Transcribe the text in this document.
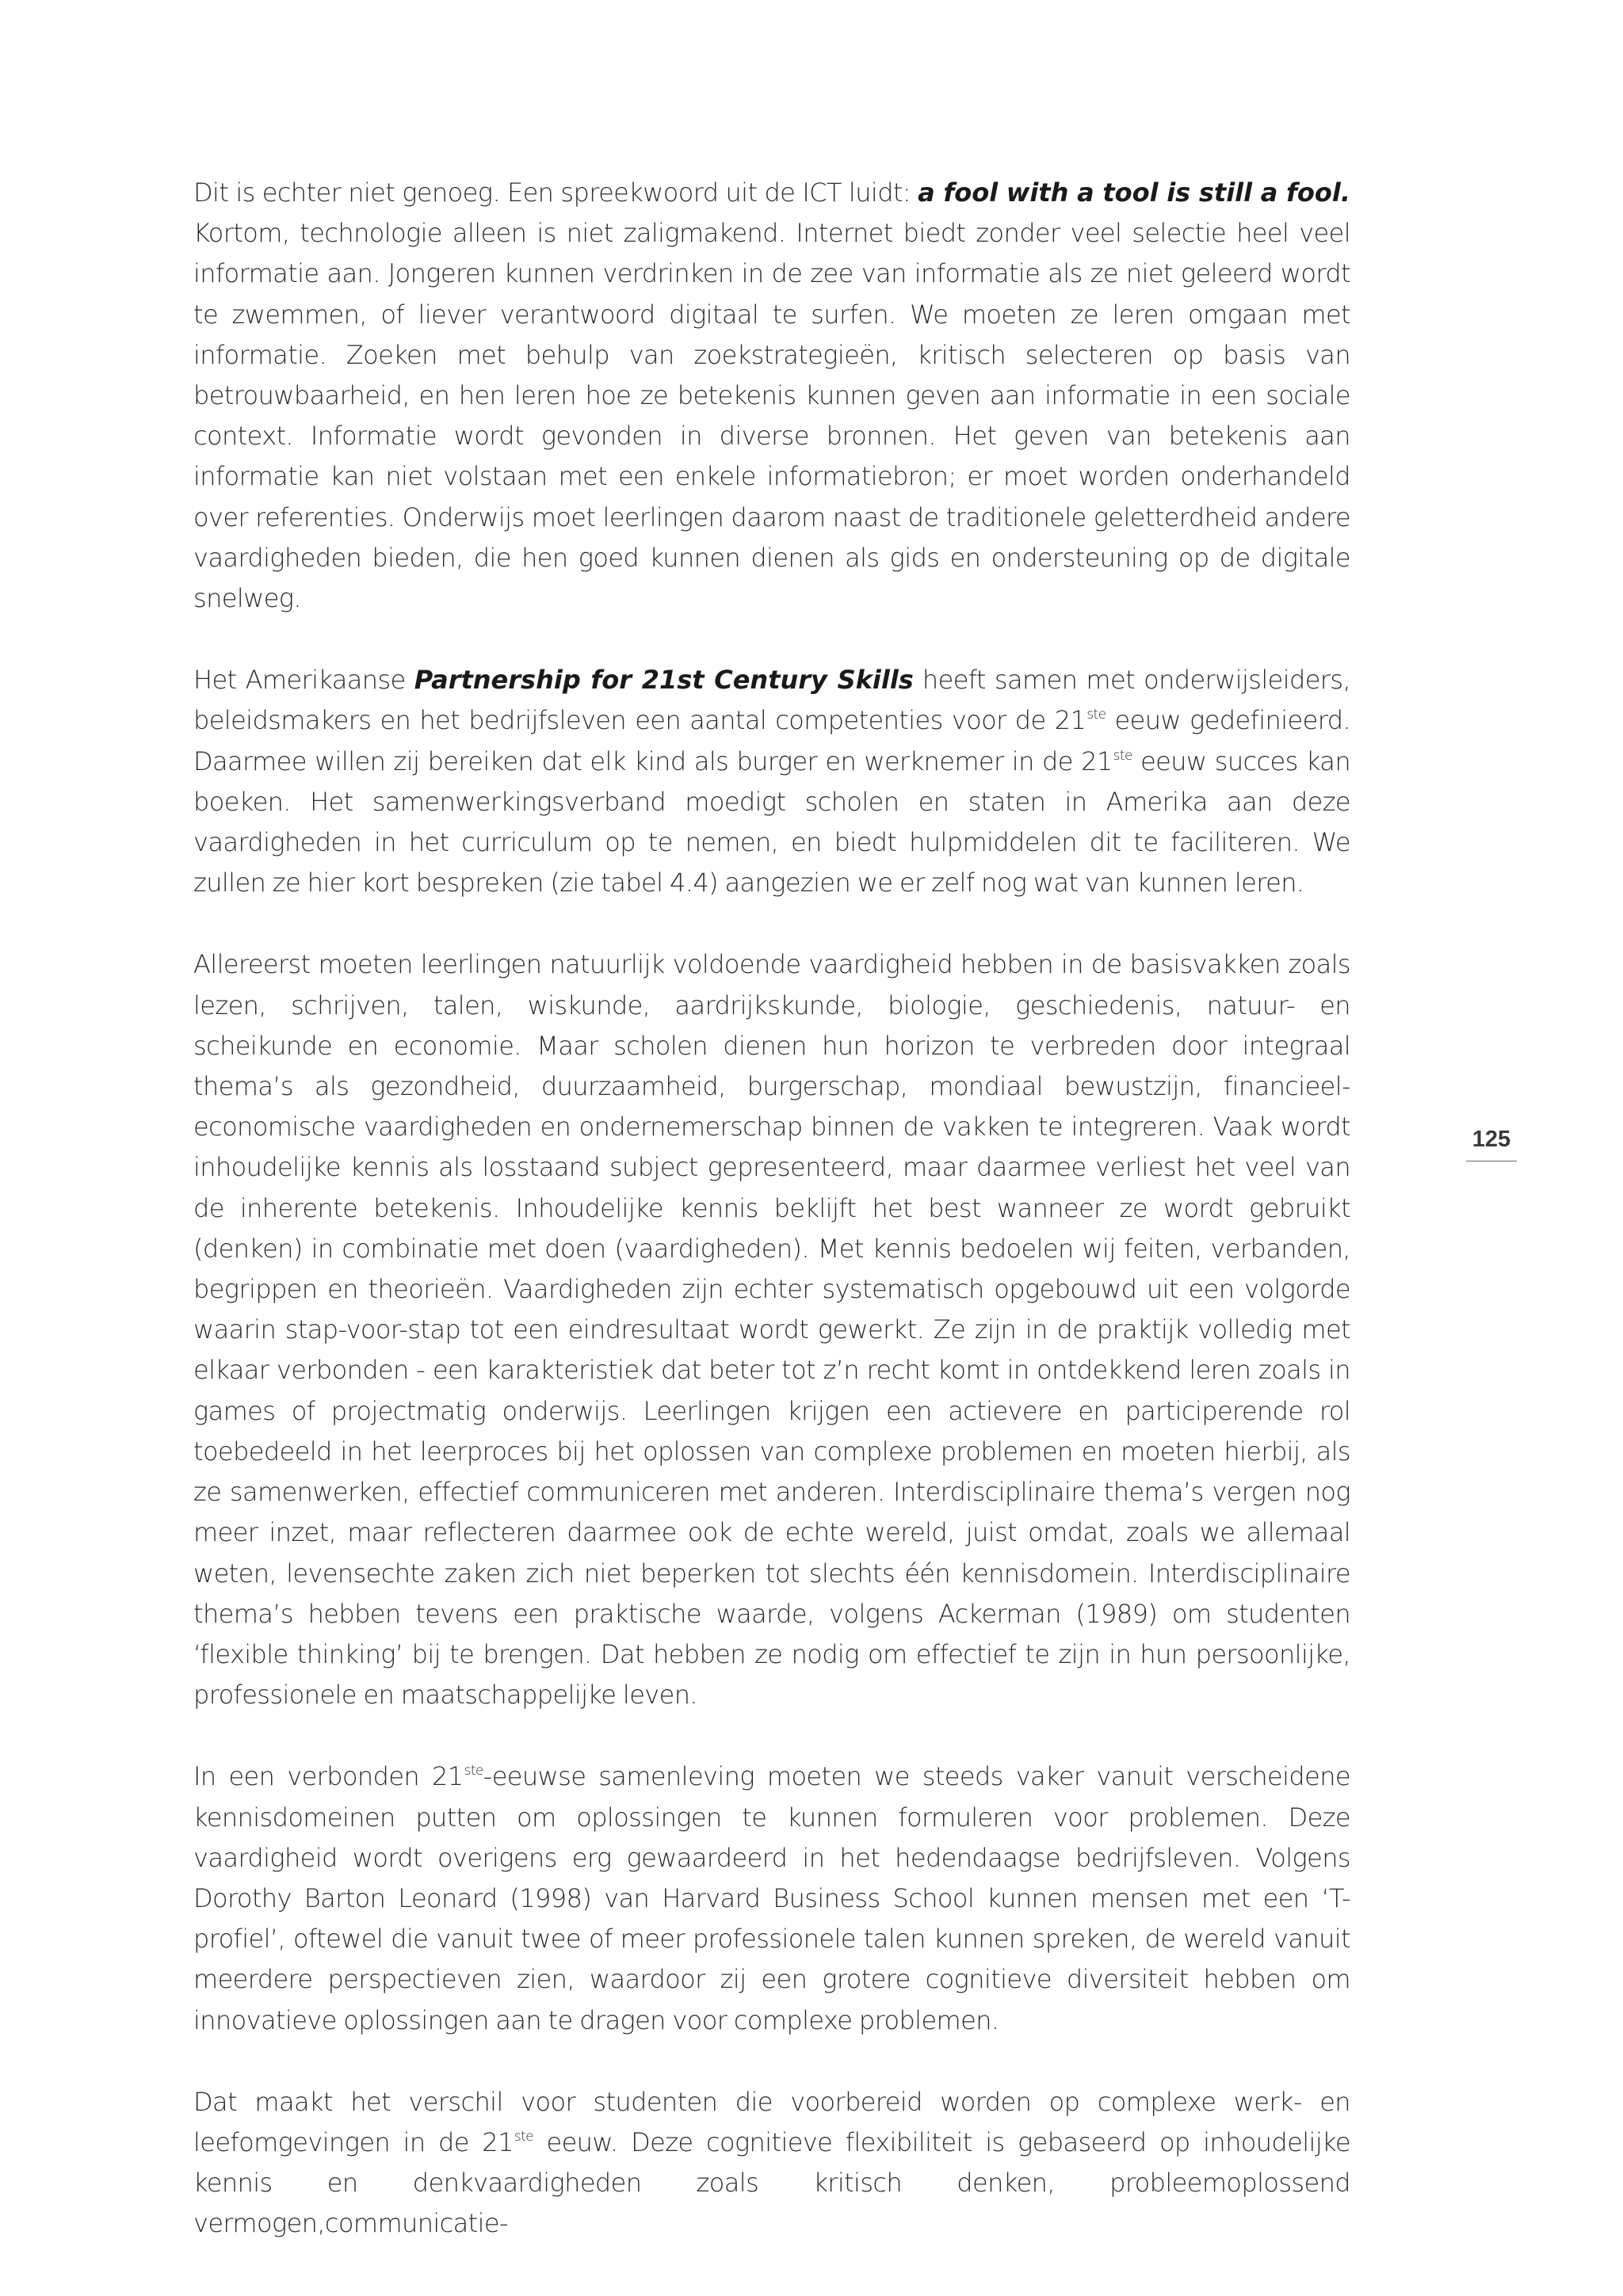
Dit is echter niet genoeg. Een spreekwoord uit de ICT luidt: a fool with a tool is still a fool. Kortom, technologie alleen is niet zaligmakend. Internet biedt zonder veel selectie heel veel informatie aan. Jongeren kunnen verdrinken in de zee van informatie als ze niet geleerd wordt te zwemmen, of liever verantwoord digitaal te surfen. We moeten ze leren omgaan met informatie. Zoeken met behulp van zoekstrategieën, kritisch selecteren op basis van betrouwbaarheid, en hen leren hoe ze betekenis kunnen geven aan informatie in een sociale context. Informatie wordt gevonden in diverse bronnen. Het geven van betekenis aan informatie kan niet volstaan met een enkele informatiebron; er moet worden onderhandeld over referenties. Onderwijs moet leerlingen daarom naast de traditionele geletterdheid andere vaardigheden bieden, die hen goed kunnen dienen als gids en ondersteuning op de digitale snelweg.

Het Amerikaanse Partnership for 21st Century Skills heeft samen met onderwijsleiders, beleidsmakers en het bedrijfsleven een aantal competenties voor de 21ste eeuw gedefinieerd. Daarmee willen zij bereiken dat elk kind als burger en werknemer in de 21ste eeuw succes kan boeken. Het samenwerkingsverband moedigt scholen en staten in Amerika aan deze vaardigheden in het curriculum op te nemen, en biedt hulpmiddelen dit te faciliteren. We zullen ze hier kort bespreken (zie tabel 4.4) aangezien we er zelf nog wat van kunnen leren.

Allereerst moeten leerlingen natuurlijk voldoende vaardigheid hebben in de basisvakken zoals lezen, schrijven, talen, wiskunde, aardrijkskunde, biologie, geschiedenis, natuur- en scheikunde en economie. Maar scholen dienen hun horizon te verbreden door integraal thema’s als gezondheid, duurzaamheid, burgerschap, mondiaal bewustzijn, financieel-economische vaardigheden en ondernemerschap binnen de vakken te integreren. Vaak wordt inhoudelijke kennis als losstaand subject gepresenteerd, maar daarmee verliest het veel van de inherente betekenis. Inhoudelijke kennis beklijft het best wanneer ze wordt gebruikt (denken) in combinatie met doen (vaardigheden). Met kennis bedoelen wij feiten, verbanden, begrippen en theorieën. Vaardigheden zijn echter systematisch opgebouwd uit een volgorde waarin stap-voor-stap tot een eindresultaat wordt gewerkt. Ze zijn in de praktijk volledig met elkaar verbonden - een karakteristiek dat beter tot z’n recht komt in ontdekkend leren zoals in games of projectmatig onderwijs. Leerlingen krijgen een actievere en participerende rol toebedeeld in het leerproces bij het oplossen van complexe problemen en moeten hierbij, als ze samenwerken, effectief communiceren met anderen. Interdisciplinaire thema’s vergen nog meer inzet, maar reflecteren daarmee ook de echte wereld, juist omdat, zoals we allemaal weten, levensechte zaken zich niet beperken tot slechts één kennisdomein. Interdisciplinaire thema’s hebben tevens een praktische waarde, volgens Ackerman (1989) om studenten ‘flexible thinking’ bij te brengen. Dat hebben ze nodig om effectief te zijn in hun persoonlijke, professionele en maatschappelijke leven.

In een verbonden 21ste-eeuwse samenleving moeten we steeds vaker vanuit verscheidene kennisdomeinen putten om oplossingen te kunnen formuleren voor problemen. Deze vaardigheid wordt overigens erg gewaardeerd in het hedendaagse bedrijfsleven. Volgens Dorothy Barton Leonard (1998) van Harvard Business School kunnen mensen met een ‘T-profiel’, oftewel die vanuit twee of meer professionele talen kunnen spreken, de wereld vanuit meerdere perspectieven zien, waardoor zij een grotere cognitieve diversiteit hebben om innovatieve oplossingen aan te dragen voor complexe problemen.

Dat maakt het verschil voor studenten die voorbereid worden op complexe werk- en leefomgevingen in de 21ste eeuw. Deze cognitieve flexibiliteit is gebaseerd op inhoudelijke kennis en denkvaardigheden zoals kritisch denken, probleemoplossend vermogen,communicatie-

125
